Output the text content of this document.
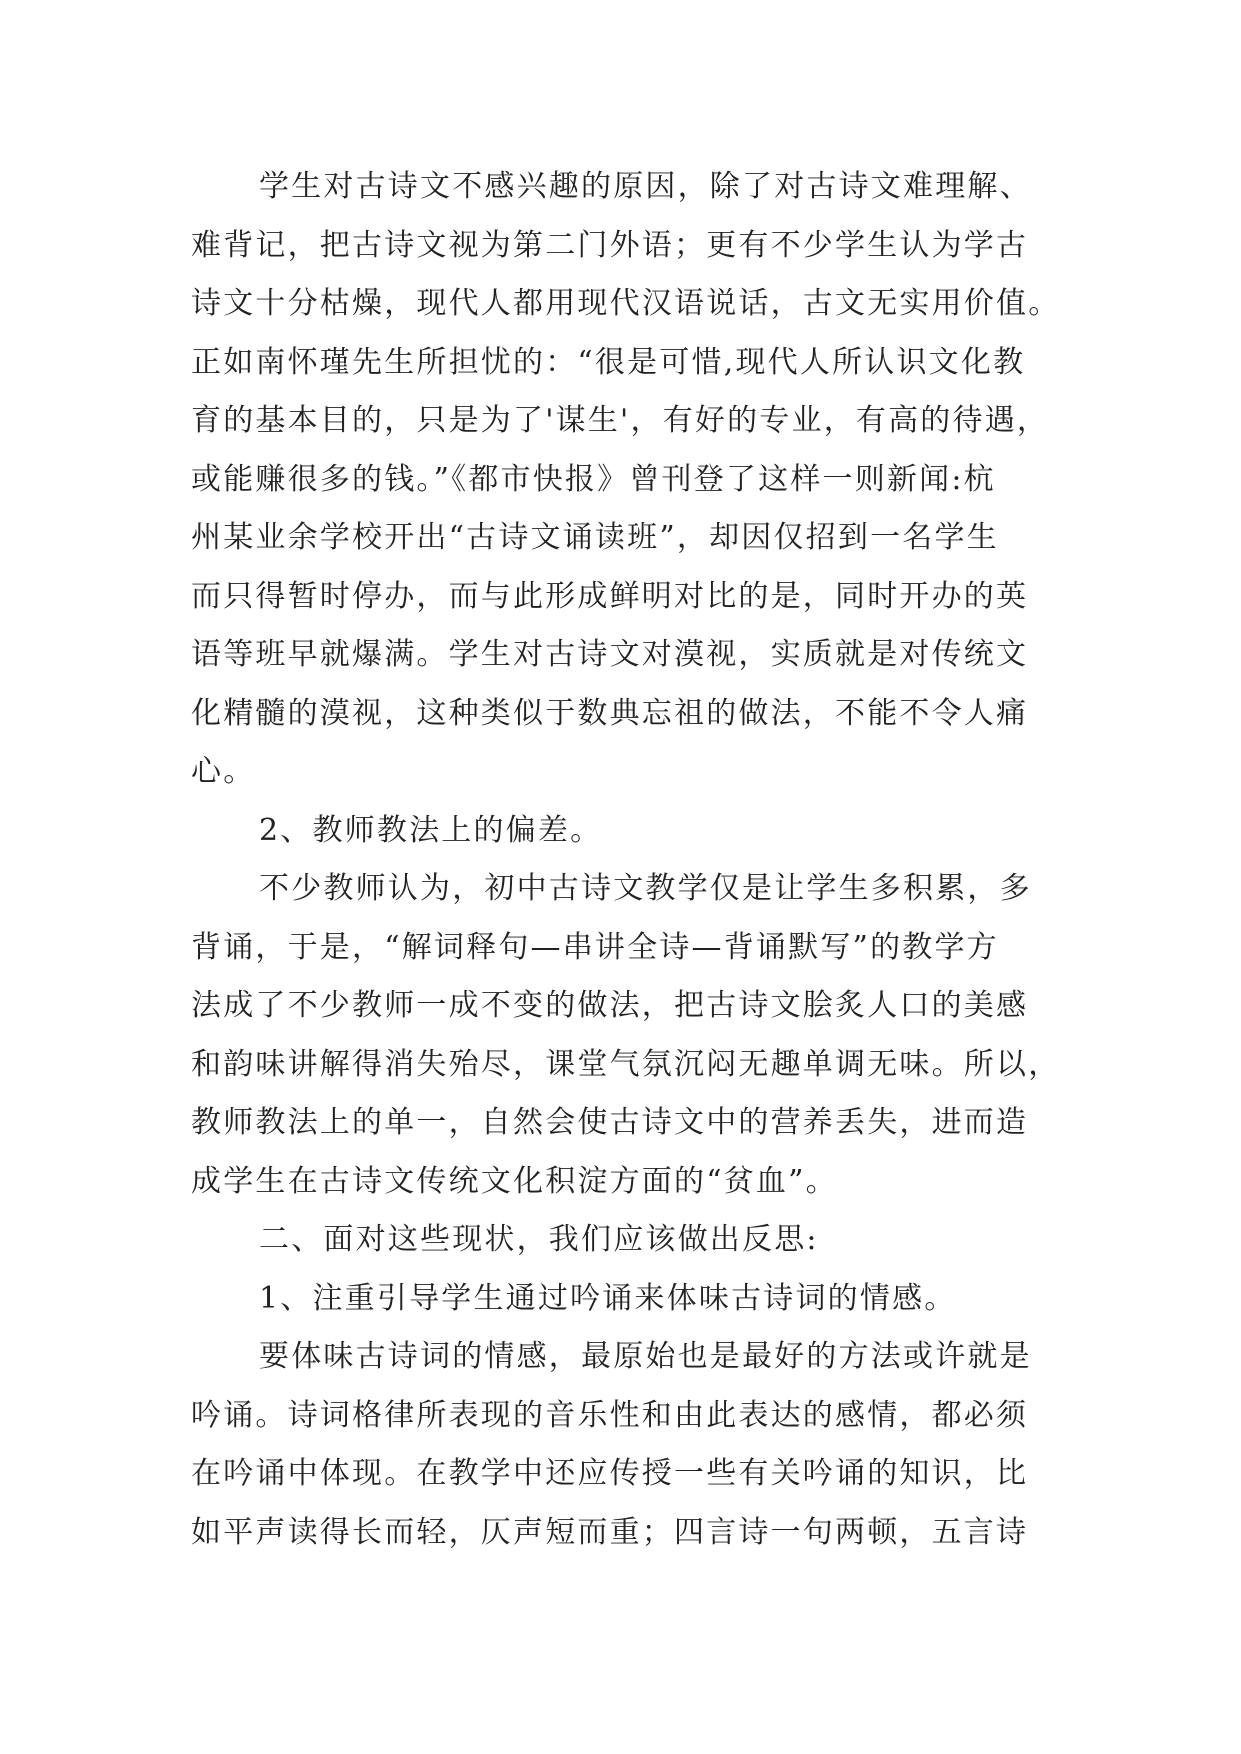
学生对古诗文不感兴趣的原因，除了对古诗文难理解、
难背记，把古诗文视为第二门外语；更有不少学生认为学古
诗文十分枯燥，现代人都用现代汉语说话，古文无实用价值。
正如南怀瑾先生所担忧的：“很是可惜,现代人所认识文化教
育的基本目的，只是为了'谋生'，有好的专业，有高的待遇，
或能赚很多的钱。”《都市快报》曾刊登了这样一则新闻:杭
州某业余学校开出“古诗文诵读班”，却因仅招到一名学生
而只得暂时停办，而与此形成鲜明对比的是，同时开办的英
语等班早就爆满。学生对古诗文对漠视，实质就是对传统文
化精髓的漠视，这种类似于数典忘祖的做法，不能不令人痛
心。
2、教师教法上的偏差。
不少教师认为，初中古诗文教学仅是让学生多积累，多
背诵，于是，“解词释句—串讲全诗—背诵默写”的教学方
法成了不少教师一成不变的做法，把古诗文脍炙人口的美感
和韵味讲解得消失殆尽，课堂气氛沉闷无趣单调无味。所以，
教师教法上的单一，自然会使古诗文中的营养丢失，进而造
成学生在古诗文传统文化积淀方面的“贫血”。
二、面对这些现状，我们应该做出反思:
1、注重引导学生通过吟诵来体味古诗词的情感。
要体味古诗词的情感，最原始也是最好的方法或许就是
吟诵。诗词格律所表现的音乐性和由此表达的感情，都必须
在吟诵中体现。在教学中还应传授一些有关吟诵的知识，比
如平声读得长而轻，仄声短而重；四言诗一句两顿，五言诗
